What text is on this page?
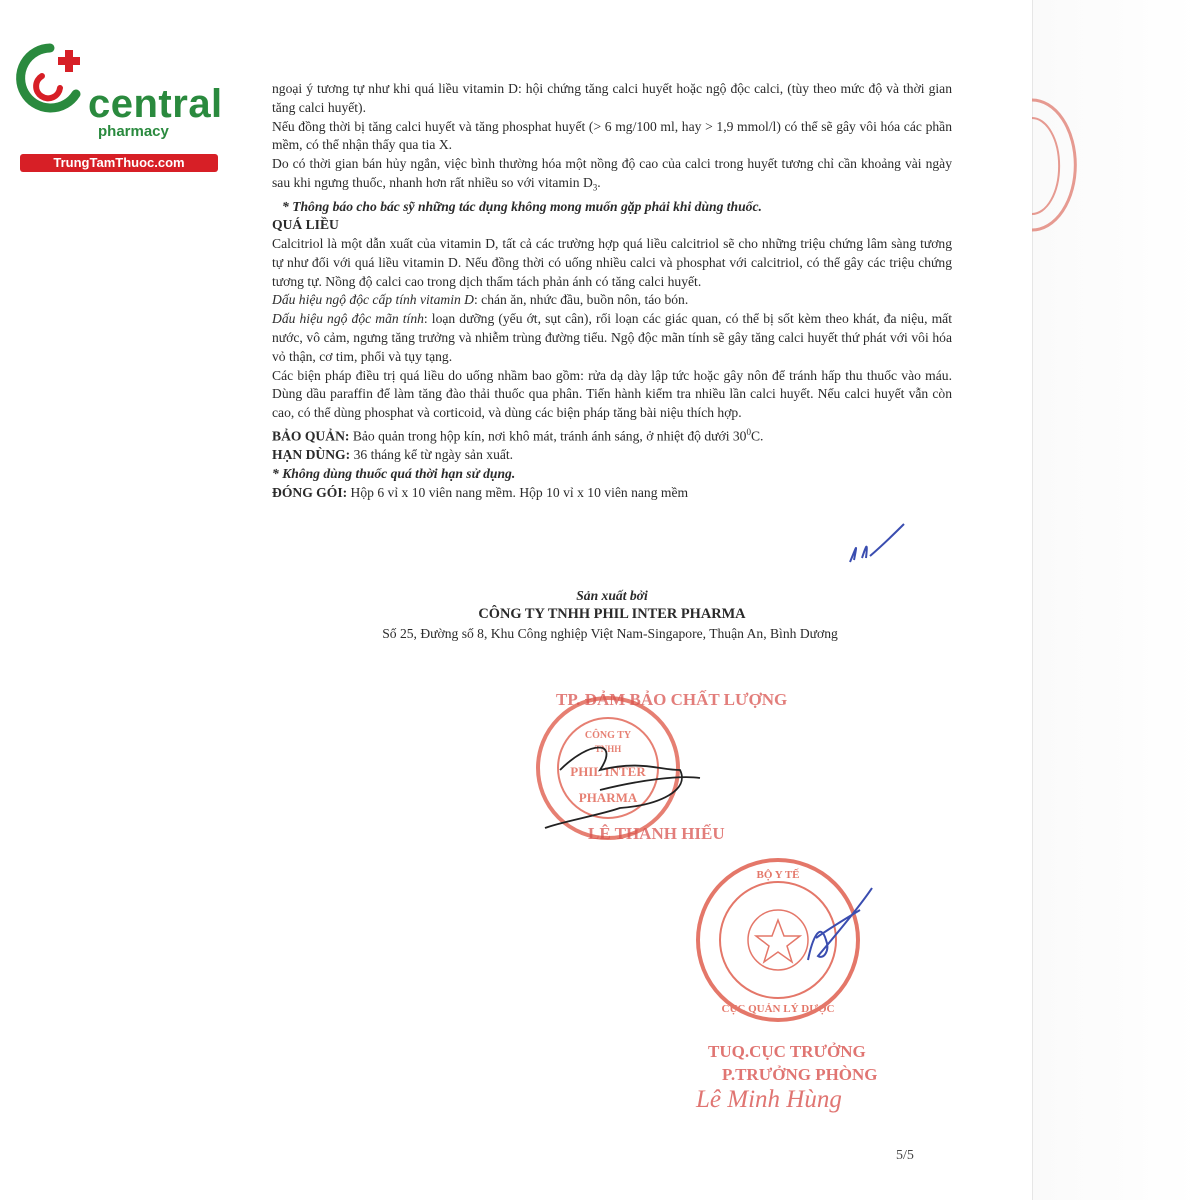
central
pharmacy
TrungTamThuoc.com

ngoại ý tương tự như khi quá liều vitamin D: hội chứng tăng calci huyết hoặc ngộ độc calci, (tùy theo mức độ và thời gian tăng calci huyết).

Nếu đồng thời bị tăng calci huyết và tăng phosphat huyết (> 6 mg/100 ml, hay > 1,9 mmol/l) có thể sẽ gây vôi hóa các phần mềm, có thể nhận thấy qua tia X.

Do có thời gian bán hủy ngắn, việc bình thường hóa một nồng độ cao của calci trong huyết tương chỉ cần khoảng vài ngày sau khi ngưng thuốc, nhanh hơn rất nhiều so với vitamin $D_3$.

* Thông báo cho bác sỹ những tác dụng không mong muốn gặp phải khi dùng thuốc.

QUÁ LIỀU

Calcitriol là một dẫn xuất của vitamin D, tất cả các trường hợp quá liều calcitriol sẽ cho những triệu chứng lâm sàng tương tự như đối với quá liều vitamin D. Nếu đồng thời có uống nhiều calci và phosphat với calcitriol, có thể gây các triệu chứng tương tự. Nồng độ calci cao trong dịch thẩm tách phản ánh có tăng calci huyết.

Dấu hiệu ngộ độc cấp tính vitamin D: chán ăn, nhức đầu, buồn nôn, táo bón.

Dấu hiệu ngộ độc mãn tính: loạn dưỡng (yếu ớt, sụt cân), rối loạn các giác quan, có thể bị sốt kèm theo khát, đa niệu, mất nước, vô cảm, ngưng tăng trưởng và nhiễm trùng đường tiểu. Ngộ độc mãn tính sẽ gây tăng calci huyết thứ phát với vôi hóa vỏ thận, cơ tim, phổi và tụy tạng.

Các biện pháp điều trị quá liều do uống nhầm bao gồm: rửa dạ dày lập tức hoặc gây nôn để tránh hấp thu thuốc vào máu. Dùng dầu paraffin để làm tăng đào thải thuốc qua phân. Tiến hành kiểm tra nhiều lần calci huyết. Nếu calci huyết vẫn còn cao, có thể dùng phosphat và corticoid, và dùng các biện pháp tăng bài niệu thích hợp.

BẢO QUẢN: Bảo quản trong hộp kín, nơi khô mát, tránh ánh sáng, ở nhiệt độ dưới $30^0C$.

HẠN DÙNG: 36 tháng kể từ ngày sản xuất.

* Không dùng thuốc quá thời hạn sử dụng.

ĐÓNG GÓI: Hộp 6 vỉ x 10 viên nang mềm. Hộp 10 vỉ x 10 viên nang mềm

Sản xuất bởi
CÔNG TY TNHH PHIL INTER PHARMA
Số 25, Đường số 8, Khu Công nghiệp Việt Nam-Singapore, Thuận An, Bình Dương
CÔNG TY
TNHH
PHIL INTER
PHARMA
BỘ Y TẾ
CỤC QUẢN LÝ DƯỢC
TP. ĐẢM BẢO CHẤT LƯỢNG
LÊ THANH HIẾU
TUQ.CỤC TRƯỞNG
P.TRƯỞNG PHÒNG
Lê Minh Hùng
5/5
